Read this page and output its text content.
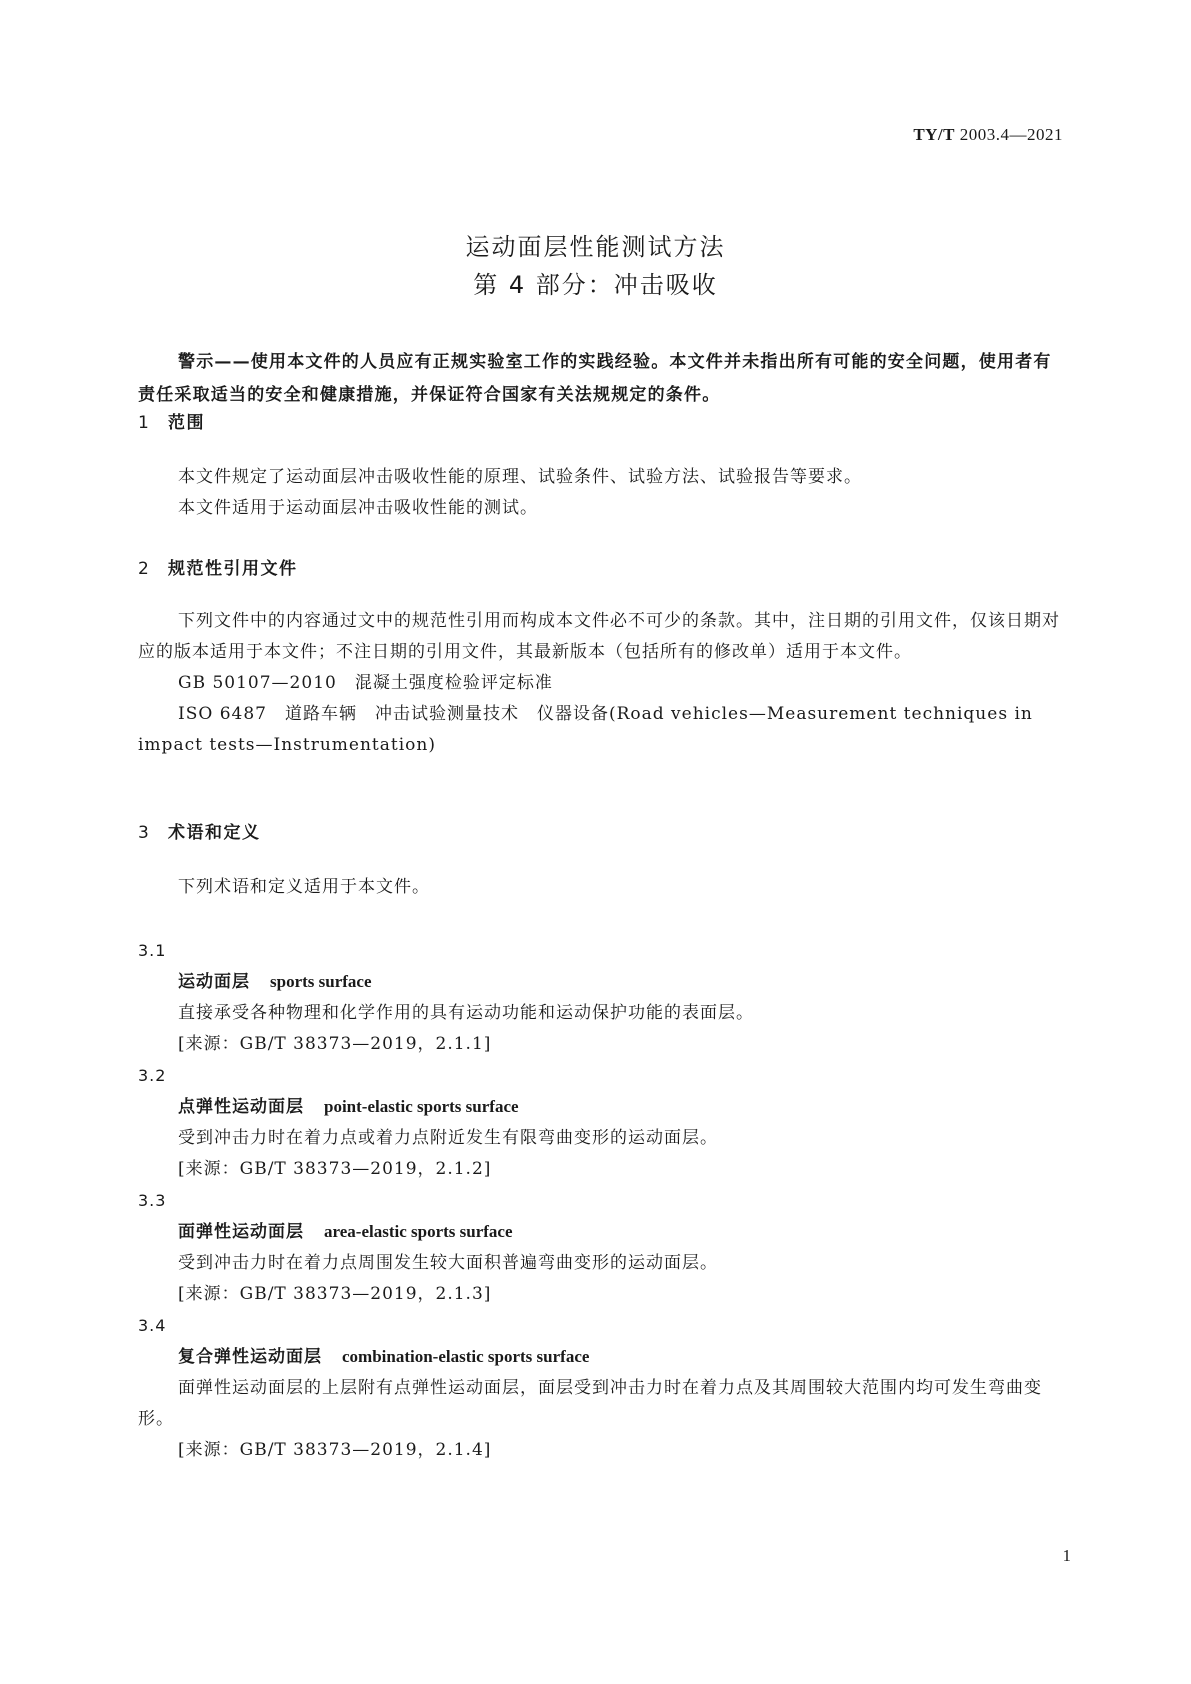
TY/T 2003.4—2021
运动面层性能测试方法
第 4 部分：冲击吸收

警示——使用本文件的人员应有正规实验室工作的实践经验。本文件并未指出所有可能的安全问题，使用者有责任采取适当的安全和健康措施，并保证符合国家有关法规规定的条件。

1 范围

本文件规定了运动面层冲击吸收性能的原理、试验条件、试验方法、试验报告等要求。

本文件适用于运动面层冲击吸收性能的测试。

2 规范性引用文件

下列文件中的内容通过文中的规范性引用而构成本文件必不可少的条款。其中，注日期的引用文件，仅该日期对应的版本适用于本文件；不注日期的引用文件，其最新版本（包括所有的修改单）适用于本文件。

GB 50107—2010　混凝土强度检验评定标准

ISO 6487　道路车辆　冲击试验测量技术　仪器设备(Road vehicles—Measurement techniques in impact tests—Instrumentation)

3 术语和定义

下列术语和定义适用于本文件。

3.1
运动面层 sports surface
直接承受各种物理和化学作用的具有运动功能和运动保护功能的表面层。
[来源：GB/T 38373—2019，2.1.1]
3.2
点弹性运动面层 point-elastic sports surface
受到冲击力时在着力点或着力点附近发生有限弯曲变形的运动面层。
[来源：GB/T 38373—2019，2.1.2]
3.3
面弹性运动面层 area-elastic sports surface
受到冲击力时在着力点周围发生较大面积普遍弯曲变形的运动面层。
[来源：GB/T 38373—2019，2.1.3]
3.4
复合弹性运动面层 combination-elastic sports surface
面弹性运动面层的上层附有点弹性运动面层，面层受到冲击力时在着力点及其周围较大范围内均可发生弯曲变形。
[来源：GB/T 38373—2019，2.1.4]
1
